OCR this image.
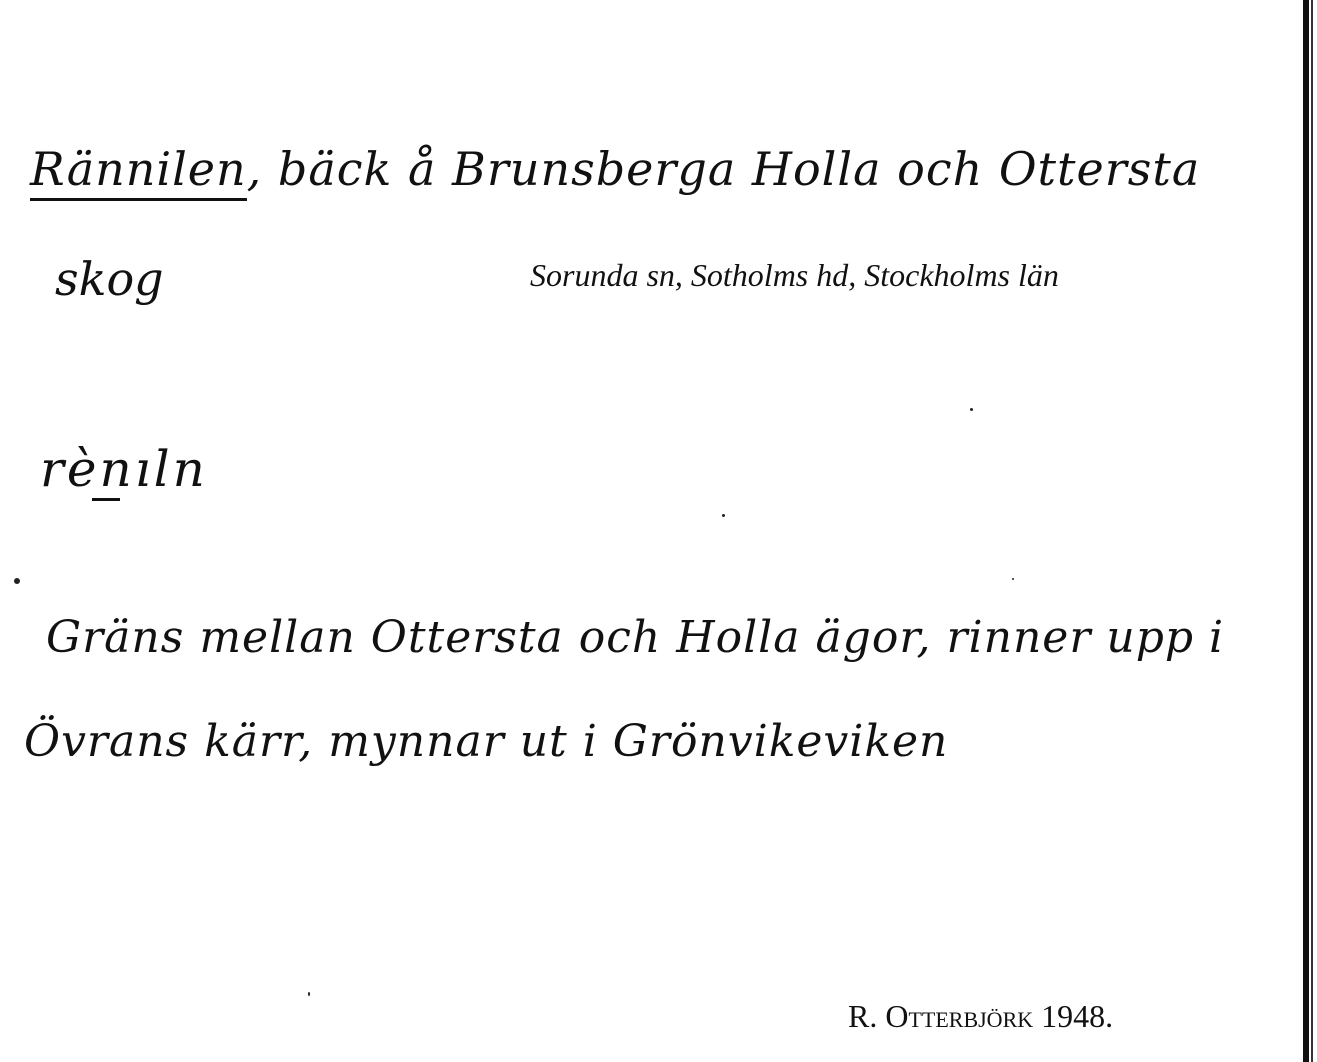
Rännilen, bäck å Brunsberga Holla och Ottersta
skog	Sorunda sn, Sotholms hd, Stockholms län
rènıln
Gräns mellan Ottersta och Holla ägor, rinner upp i
Övrans kärr, mynnar ut i Grönvikeviken
R. Otterbjörk 1948.
